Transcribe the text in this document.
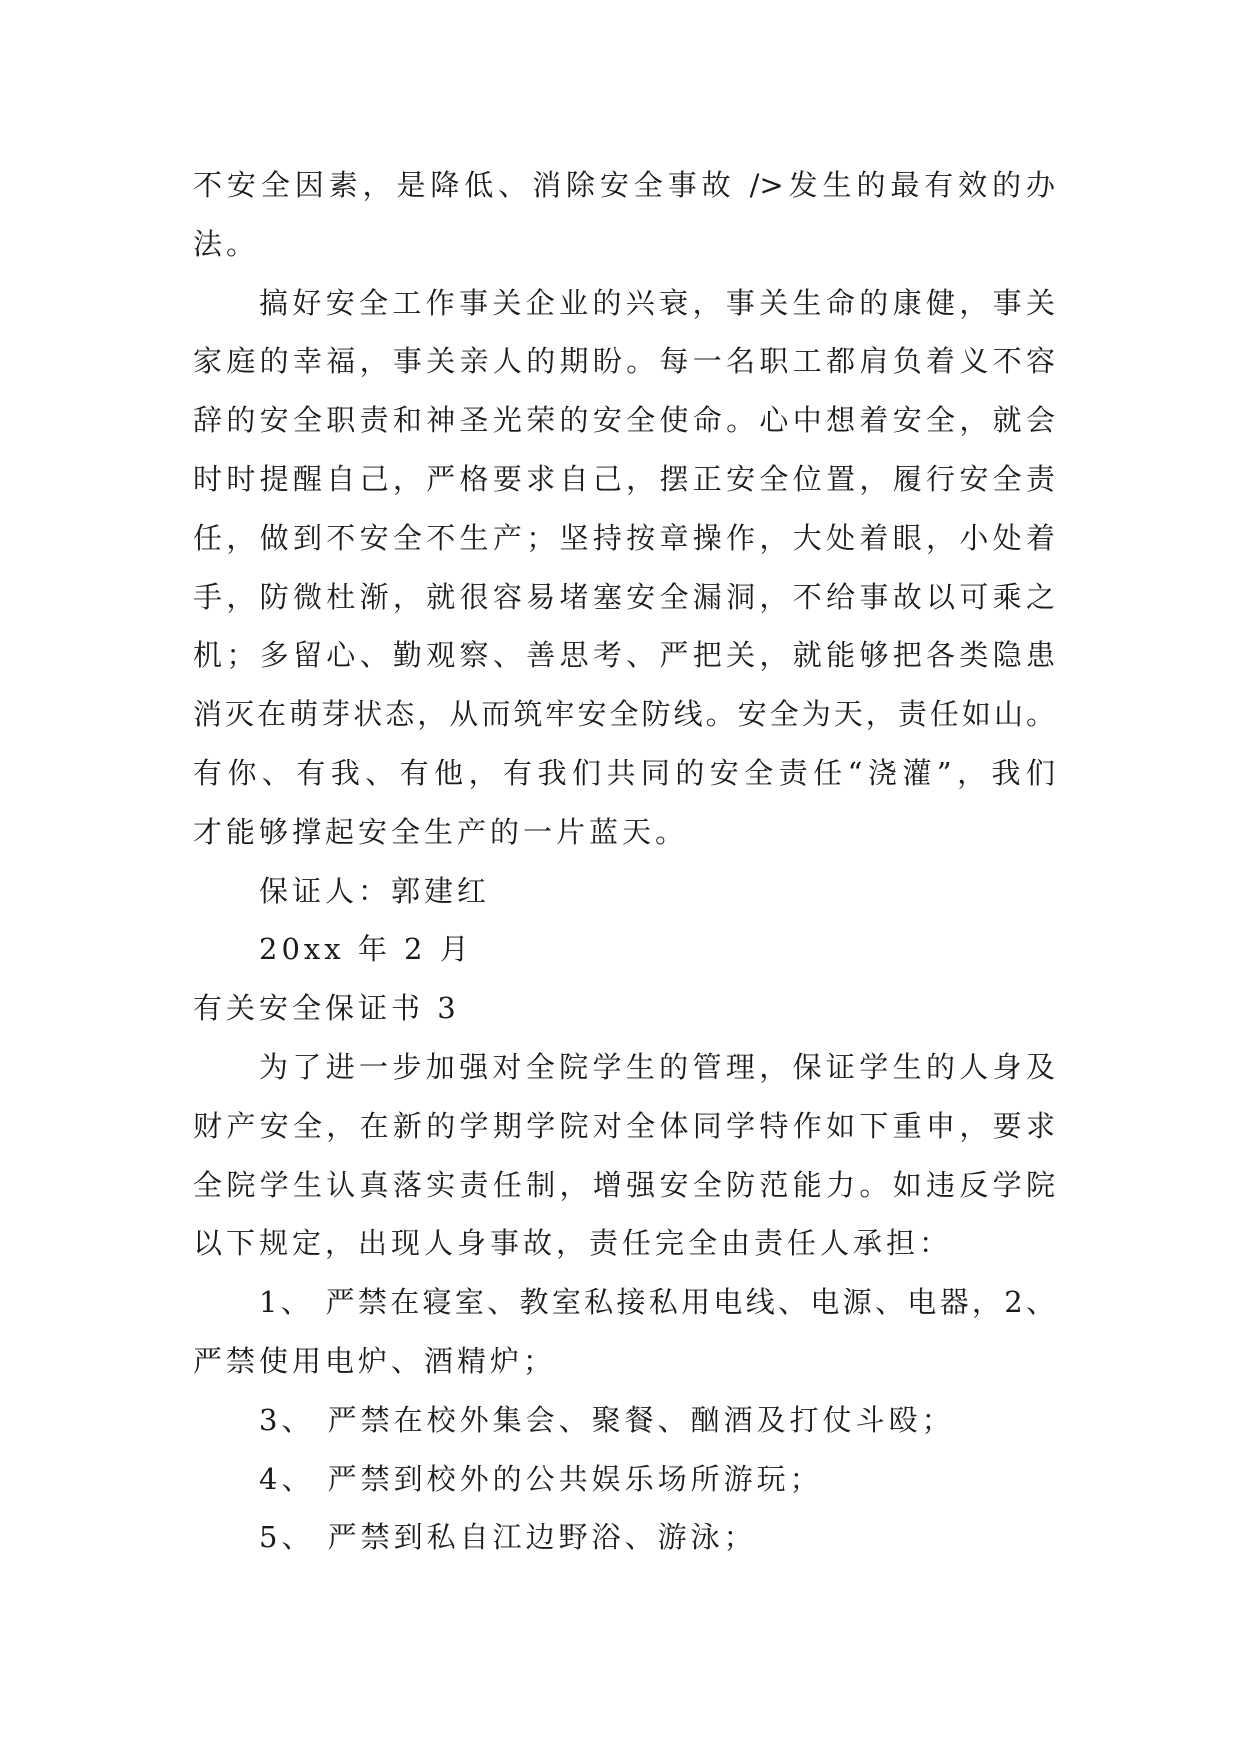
不安全因素，是降低、消除安全事故 />发生的最有效的办
法。
搞好安全工作事关企业的兴衰，事关生命的康健，事关
家庭的幸福，事关亲人的期盼。每一名职工都肩负着义不容
辞的安全职责和神圣光荣的安全使命。心中想着安全，就会
时时提醒自己，严格要求自己，摆正安全位置，履行安全责
任，做到不安全不生产；坚持按章操作，大处着眼，小处着
手，防微杜渐，就很容易堵塞安全漏洞，不给事故以可乘之
机；多留心、勤观察、善思考、严把关，就能够把各类隐患
消灭在萌芽状态，从而筑牢安全防线。安全为天，责任如山。
有你、有我、有他，有我们共同的安全责任“浇灌”，我们
才能够撑起安全生产的一片蓝天。
保证人：郭建红
20xx 年 2 月
有关安全保证书 3
为了进一步加强对全院学生的管理，保证学生的人身及
财产安全，在新的学期学院对全体同学特作如下重申，要求
全院学生认真落实责任制，增强安全防范能力。如违反学院
以下规定，出现人身事故，责任完全由责任人承担：
1、 严禁在寝室、教室私接私用电线、电源、电器，2、
严禁使用电炉、酒精炉；
3、 严禁在校外集会、聚餐、酗酒及打仗斗殴；
4、 严禁到校外的公共娱乐场所游玩；
5、 严禁到私自江边野浴、游泳；
